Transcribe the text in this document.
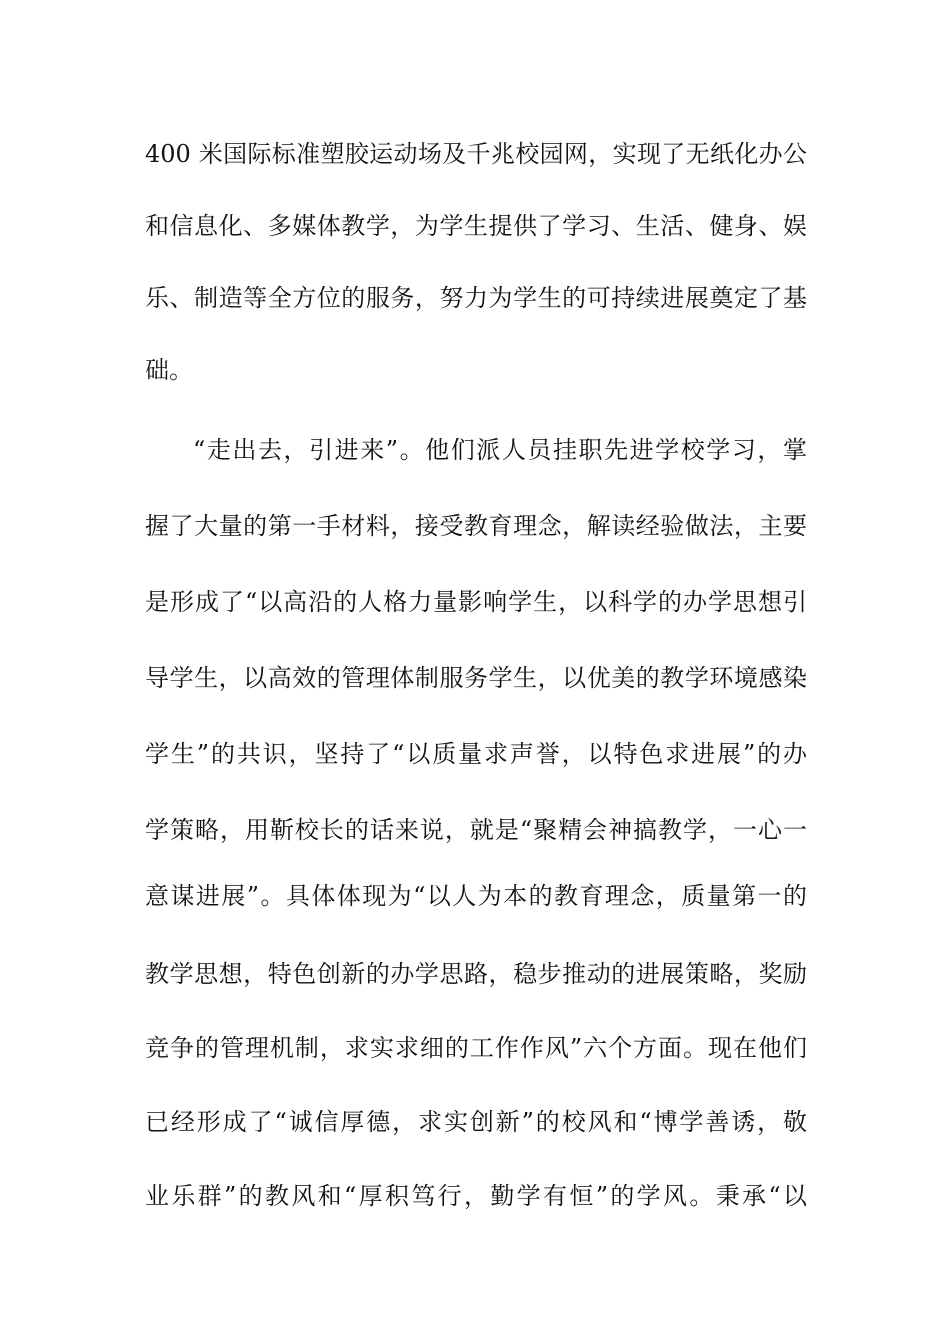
400 米国际标准塑胶运动场及千兆校园网，实现了无纸化办公
和信息化、多媒体教学，为学生提供了学习、生活、健身、娱
乐、制造等全方位的服务，努力为学生的可持续进展奠定了基
础。
“走出去，引进来”。他们派人员挂职先进学校学习，掌
握了大量的第一手材料，接受教育理念，解读经验做法，主要
是形成了“以高沿的人格力量影响学生，以科学的办学思想引
导学生，以高效的管理体制服务学生，以优美的教学环境感染
学生”的共识，坚持了“以质量求声誉，以特色求进展”的办
学策略，用靳校长的话来说，就是“聚精会神搞教学，一心一
意谋进展”。具体体现为“以人为本的教育理念，质量第一的
教学思想，特色创新的办学思路，稳步推动的进展策略，奖励
竞争的管理机制，求实求细的工作作风”六个方面。现在他们
已经形成了“诚信厚德，求实创新”的校风和“博学善诱，敬
业乐群”的教风和“厚积笃行，勤学有恒”的学风。秉承“以
